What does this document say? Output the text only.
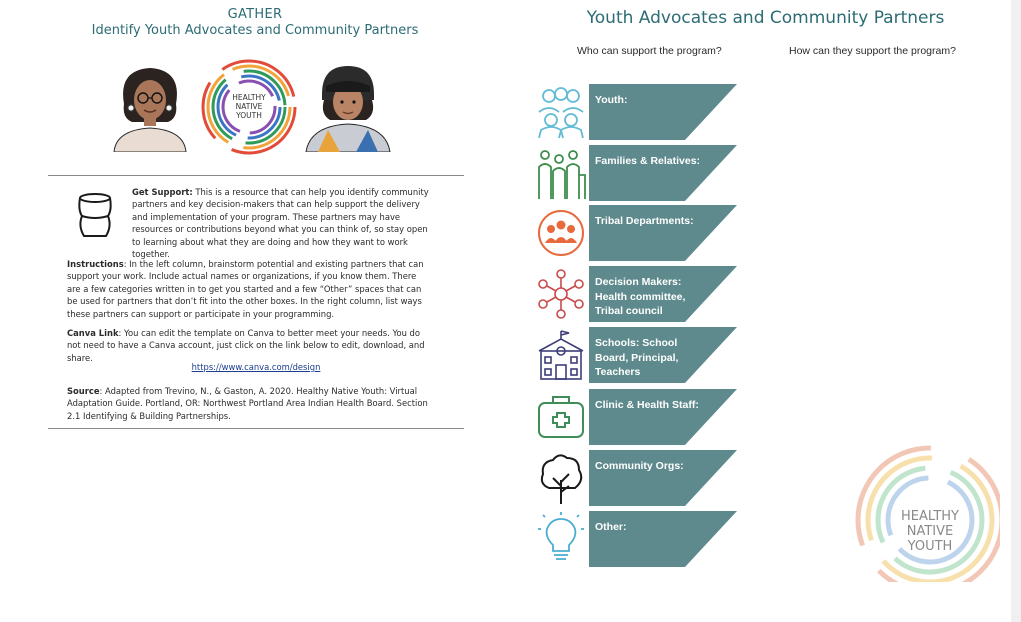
GATHER
Identify Youth Advocates and Community Partners
HEALTHY
NATIVE
YOUTH

Get Support: This is a resource that can help you identify community partners and key decision-makers that can help support the delivery and implementation of your program. These partners may have resources or contributions beyond what you can think of, so stay open to learning about what they are doing and how they want to work together.

Instructions: In the left column, brainstorm potential and existing partners that can support your work. Include actual names or organizations, if you know them. There are a few categories written in to get you started and a few “Other” spaces that can be used for partners that don’t fit into the other boxes. In the right column, list ways these partners can support or participate in your programming.

Canva Link: You can edit the template on Canva to better meet your needs. You do not need to have a Canva account, just click on the link below to edit, download, and share.

https://www.canva.com/design

Source: Adapted from Trevino, N., & Gaston, A. 2020. Healthy Native Youth: Virtual Adaptation Guide. Portland, OR: Northwest Portland Area Indian Health Board. Section 2.1 Identifying & Building Partnerships.

Youth Advocates and Community Partners
Who can support the program?	How can they support the program?
Youth:
Families & Relatives:
Tribal Departments:
Decision Makers:
Health committee,
Tribal council
Schools: School
Board, Principal,
Teachers
Clinic & Health Staff:
Community Orgs:
Other:
HEALTHY
NATIVE
YOUTH
